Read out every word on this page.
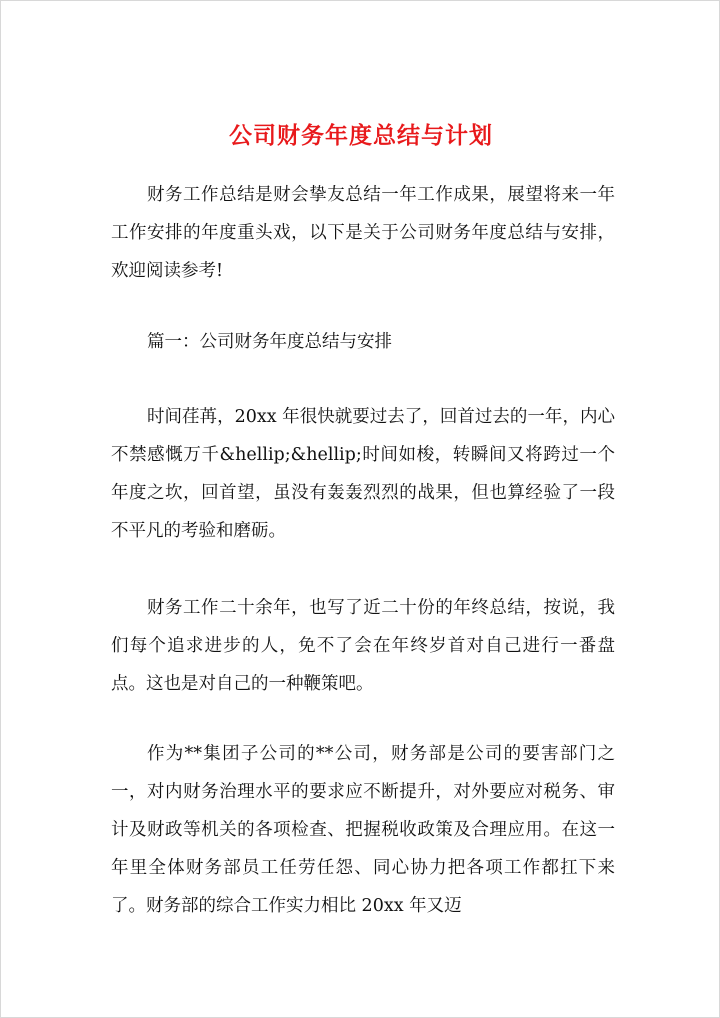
公司财务年度总结与计划

财务工作总结是财会挚友总结一年工作成果，展望将来一年工作安排的年度重头戏，以下是关于公司财务年度总结与安排，欢迎阅读参考!

篇一：公司财务年度总结与安排

时间荏苒，20xx 年很快就要过去了，回首过去的一年，内心不禁感慨万千&hellip;&hellip;时间如梭，转瞬间又将跨过一个年度之坎，回首望，虽没有轰轰烈烈的战果，但也算经验了一段不平凡的考验和磨砺。

财务工作二十余年，也写了近二十份的年终总结，按说，我们每个追求进步的人，免不了会在年终岁首对自己进行一番盘点。这也是对自己的一种鞭策吧。

作为**集团子公司的**公司，财务部是公司的要害部门之一，对内财务治理水平的要求应不断提升，对外要应对税务、审计及财政等机关的各项检查、把握税收政策及合理应用。在这一年里全体财务部员工任劳任怨、同心协力把各项工作都扛下来了。财务部的综合工作实力相比 20xx 年又迈
